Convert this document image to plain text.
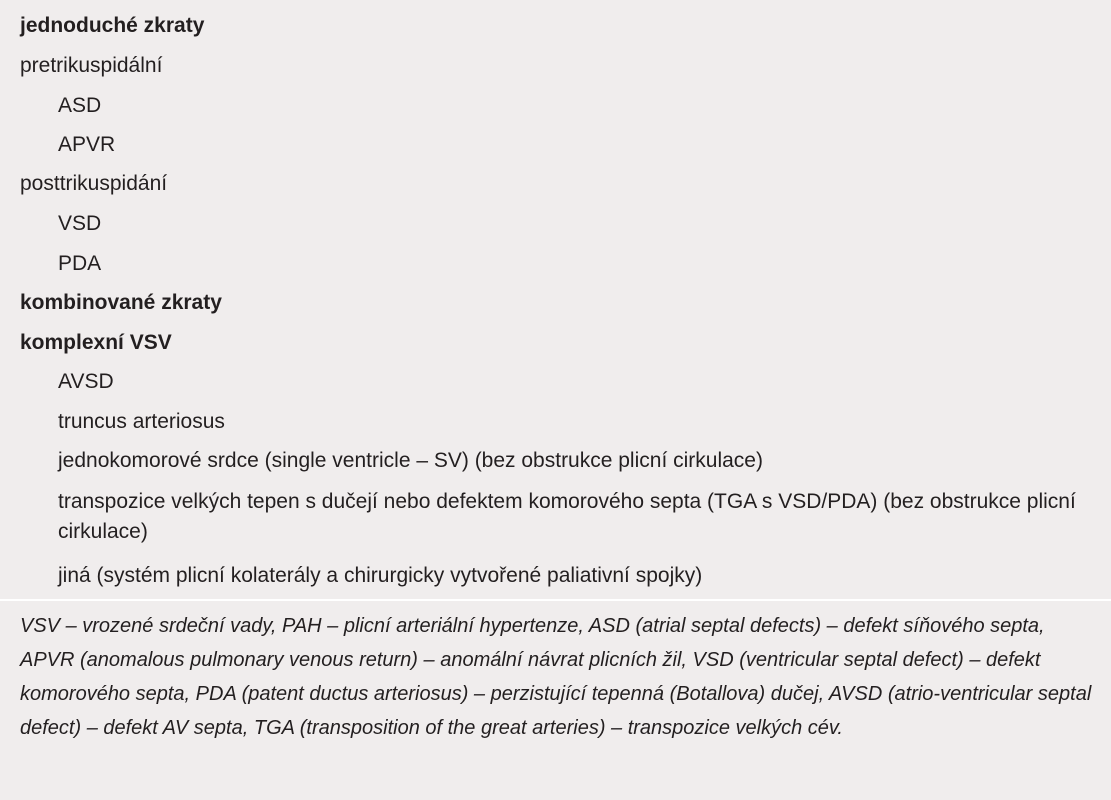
jednoduché zkraty
pretrikuspidální
ASD
APVR
posttrikuspidání
VSD
PDA
kombinované zkraty
komplexní VSV
AVSD
truncus arteriosus
jednokomorové srdce (single ventricle – SV) (bez obstrukce plicní cirkulace)
transpozice velkých tepen s dučejí nebo defektem komorového septa (TGA s VSD/PDA) (bez obstrukce plicní cirkulace)
jiná (systém plicní kolaterály a chirurgicky vytvořené paliativní spojky)

VSV – vrozené srdeční vady, PAH – plicní arteriální hypertenze, ASD (atrial septal defects) – defekt síňového septa, APVR (anomalous pulmonary venous return) – anomální návrat plicních žil, VSD (ventricular septal defect) – defekt komorového septa, PDA (patent ductus arteriosus) – perzistující tepenná (Botallova) dučej, AVSD (atrio-ventricular septal defect) – defekt AV septa, TGA (transposition of the great arteries) – transpozice velkých cév.
